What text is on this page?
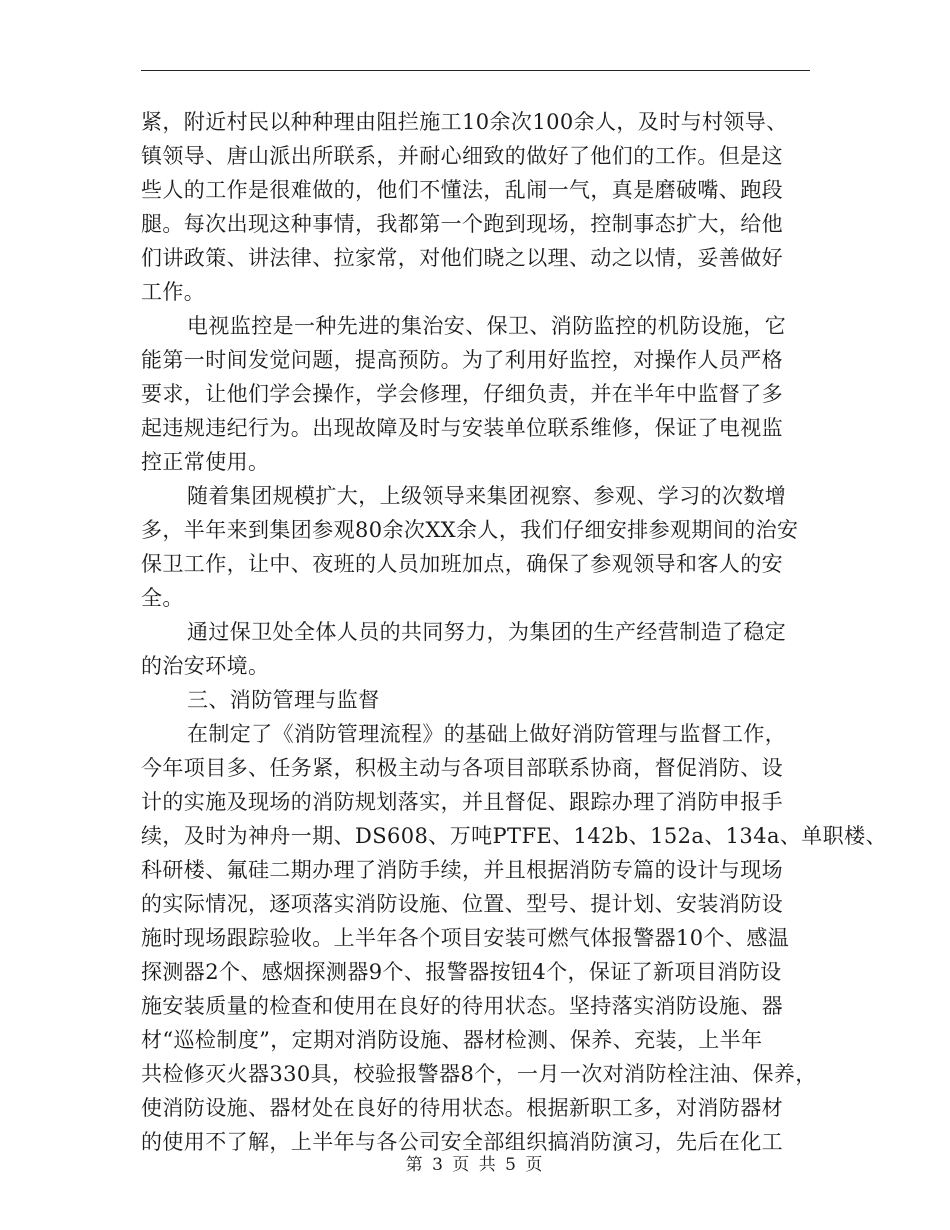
紧，附近村民以种种理由阻拦施工10余次100余人，及时与村领导、
镇领导、唐山派出所联系，并耐心细致的做好了他们的工作。但是这
些人的工作是很难做的，他们不懂法，乱闹一气，真是磨破嘴、跑段
腿。每次出现这种事情，我都第一个跑到现场，控制事态扩大，给他
们讲政策、讲法律、拉家常，对他们晓之以理、动之以情，妥善做好
工作。
电视监控是一种先进的集治安、保卫、消防监控的机防设施，它
能第一时间发觉问题，提高预防。为了利用好监控，对操作人员严格
要求，让他们学会操作，学会修理，仔细负责，并在半年中监督了多
起违规违纪行为。出现故障及时与安装单位联系维修，保证了电视监
控正常使用。
随着集团规模扩大，上级领导来集团视察、参观、学习的次数增
多，半年来到集团参观80余次XX余人，我们仔细安排参观期间的治安
保卫工作，让中、夜班的人员加班加点，确保了参观领导和客人的安
全。
通过保卫处全体人员的共同努力，为集团的生产经营制造了稳定
的治安环境。
三、消防管理与监督
在制定了《消防管理流程》的基础上做好消防管理与监督工作，
今年项目多、任务紧，积极主动与各项目部联系协商，督促消防、设
计的实施及现场的消防规划落实，并且督促、跟踪办理了消防申报手
续，及时为神舟一期、DS608、万吨PTFE、142b、152a、134a、单职楼、
科研楼、氟硅二期办理了消防手续，并且根据消防专篇的设计与现场
的实际情况，逐项落实消防设施、位置、型号、提计划、安装消防设
施时现场跟踪验收。上半年各个项目安装可燃气体报警器10个、感温
探测器2个、感烟探测器9个、报警器按钮4个，保证了新项目消防设
施安装质量的检查和使用在良好的待用状态。坚持落实消防设施、器
材“巡检制度”，定期对消防设施、器材检测、保养、充装，上半年
共检修灭火器330具，校验报警器8个，一月一次对消防栓注油、保养，
使消防设施、器材处在良好的待用状态。根据新职工多，对消防器材
的使用不了解，上半年与各公司安全部组织搞消防演习，先后在化工
第 3 页 共 5 页
